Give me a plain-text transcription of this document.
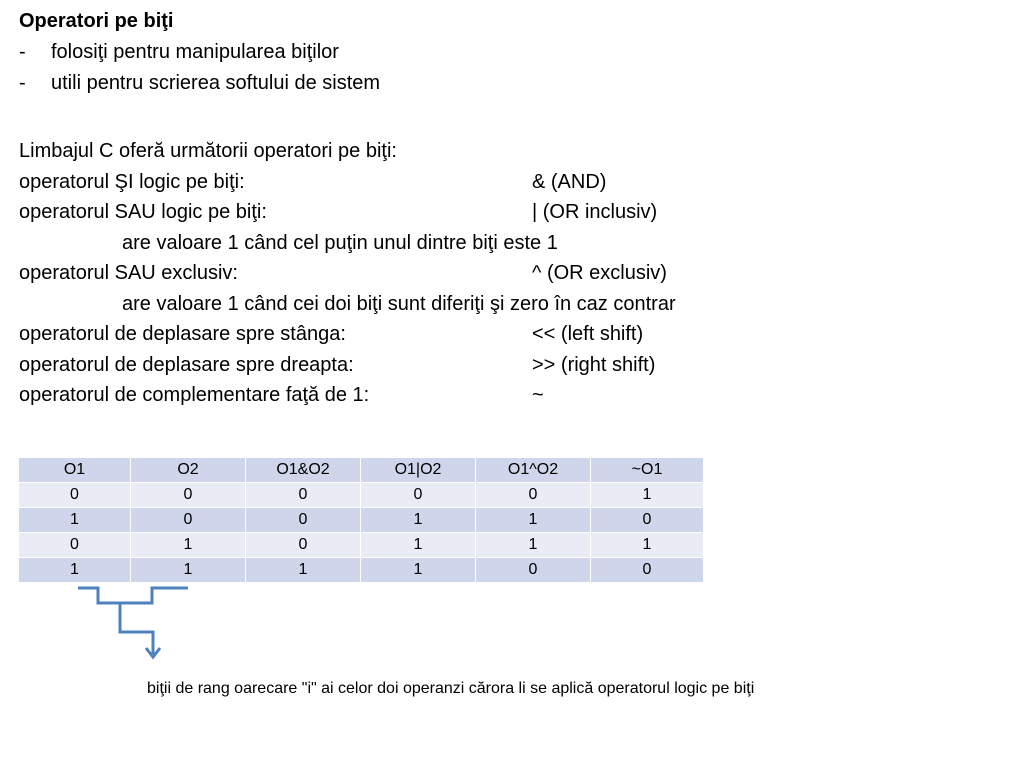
Operatori pe biţi
- folosiţi pentru manipularea biţilor
- utili pentru scrierea softului de sistem
Limbajul C oferă următorii operatori pe biţi:
operatorul ŞI logic pe biţi:	& (AND)
operatorul SAU logic pe biţi:	| (OR inclusiv)
are valoare 1 când cel puţin unul dintre biţi este 1
operatorul SAU exclusiv:	^ (OR exclusiv)
are valoare 1 când cei doi biţi sunt diferiţi şi zero în caz contrar
operatorul de deplasare spre stânga:	<< (left shift)
operatorul de deplasare spre dreapta:	>> (right shift)
operatorul de complementare faţă de 1:	~
O1	O2	O1&O2	O1|O2	O1^O2	~O1
0	0	0	0	0	1
1	0	0	1	1	0
0	1	0	1	1	1
1	1	1	1	0	0
biţii de rang oarecare "i" ai celor doi operanzi cărora li se aplică operatorul logic pe biţi
